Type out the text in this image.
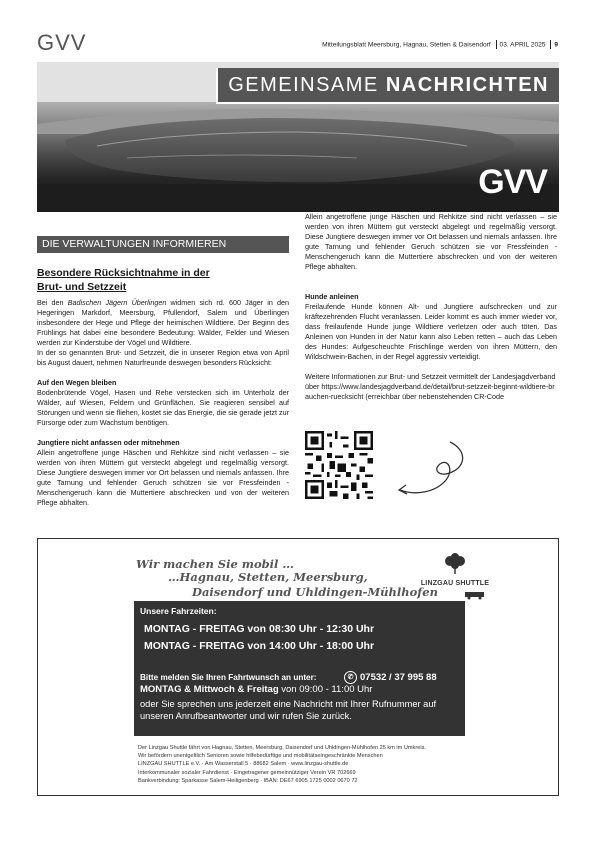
GVV	Mitteilungsblatt Meersburg, Hagnau, Stetten & Daisendorf 03. APRIL 2025 9
GEMEINSAME NACHRICHTEN
GVV
DIE VERWALTUNGEN INFORMIEREN
Besondere Rücksichtnahme in der
Brut- und Setzzeit

Bei den Badischen Jägern Überlingen widmen sich rd. 600 Jäger in den Hegeringen Markdorf, Meersburg, Pfullendorf, Salem und Überlingen insbesondere der Hege und Pflege der heimischen Wildtiere. Der Beginn des Frühlings hat dabei eine besondere Bedeutung: Wälder, Felder und Wiesen werden zur Kinderstube der Vögel und Wildtiere.

In der so genannten Brut- und Setzzeit, die in unserer Region etwa von April bis August dauert, nehmen Naturfreunde deswegen besonders Rücksicht:

Auf den Wegen bleiben

Bodenbrütende Vögel, Hasen und Rehe verstecken sich im Unterholz der Wälder, auf Wiesen, Feldern und Grünflächen. Sie reagieren sensibel auf Störungen und wenn sie fliehen, kostet sie das Energie, die sie gerade jetzt zur Fürsorge oder zum Wachstum benötigen.

Jungtiere nicht anfassen oder mitnehmen

Allein angetroffene junge Häschen und Rehkitze sind nicht verlassen – sie werden von ihren Müttern gut versteckt abgelegt und regelmäßig versorgt. Diese Jungtiere deswegen immer vor Ort belassen und niemals anfassen. Ihre gute Tarnung und fehlender Geruch schützen sie vor Fressfeinden - Menschengeruch kann die Muttertiere abschrecken und von der weiteren Pflege abhalten.

Allein angetroffene junge Häschen und Rehkitze sind nicht verlassen – sie werden von ihren Müttern gut versteckt abgelegt und regelmäßig versorgt. Diese Jungtiere deswegen immer vor Ort belassen und niemals anfassen. Ihre gute Tarnung und fehlender Geruch schützen sie vor Fressfeinden - Menschengeruch kann die Muttertiere abschrecken und von der weiteren Pflege abhalten.

Hunde anleinen

Freilaufende Hunde können Alt- und Jungtiere aufschrecken und zur kräftezehrenden Flucht veranlassen. Leider kommt es auch immer wieder vor, dass freilaufende Hunde junge Wildtiere verletzen oder auch töten. Das Anleinen von Hunden in der Natur kann also Leben retten – auch das Leben des Hundes: Aufgescheuchte Frischlinge werden von ihren Müttern, den Wildschwein-Bachen, in der Regel aggressiv verteidigt.

Weitere Informationen zur Brut- und Setzzeit vermittelt der Landesjagdverband über https://www.landesjagdverband.de/detail/brut-setzzeit-beginnt-wildtiere-brauchen-ruecksicht (erreichbar über nebenstehenden CR-Code

Wir machen Sie mobil …
…Hagnau, Stetten, Meersburg,
Daisendorf und Uhldingen-Mühlhofen
LINZGAU SHUTTLE
Unsere Fahrzeiten:
MONTAG - FREITAG von 08:30 Uhr - 12:30 Uhr
MONTAG - FREITAG von 14:00 Uhr - 18:00 Uhr
Bitte melden Sie Ihren Fahrtwunsch an unter:	✆ 07532 / 37 995 88
MONTAG & Mittwoch & Freitag von 09:00 - 11:00 Uhr
oder Sie sprechen uns jederzeit eine Nachricht mit Ihrer Rufnummer auf unseren Anrufbeantworter und wir rufen Sie zurück.

Der Linzgau Shuttle fährt von Hagnau, Stetten, Meersburg, Daisendorf und Uhldingen-Mühlhofen 25 km im Umkreis.

Wir befördern unentgeltlich Senioren sowie hilfebedürftige und mobilitätseingeschränkte Menschen

LINZGAU SHUTTLE e.V. · Am Wasserstall 5 · 88682 Salem · www.linzgau-shuttle.de

Interkommunaler sozialer Fahrdienst · Eingetragener gemeinnütziger Verein VR 702669

Bankverbindung: Sparkasse Salem-Heiligenberg · IBAN: DE67 6905 1725 0002 0670 72
